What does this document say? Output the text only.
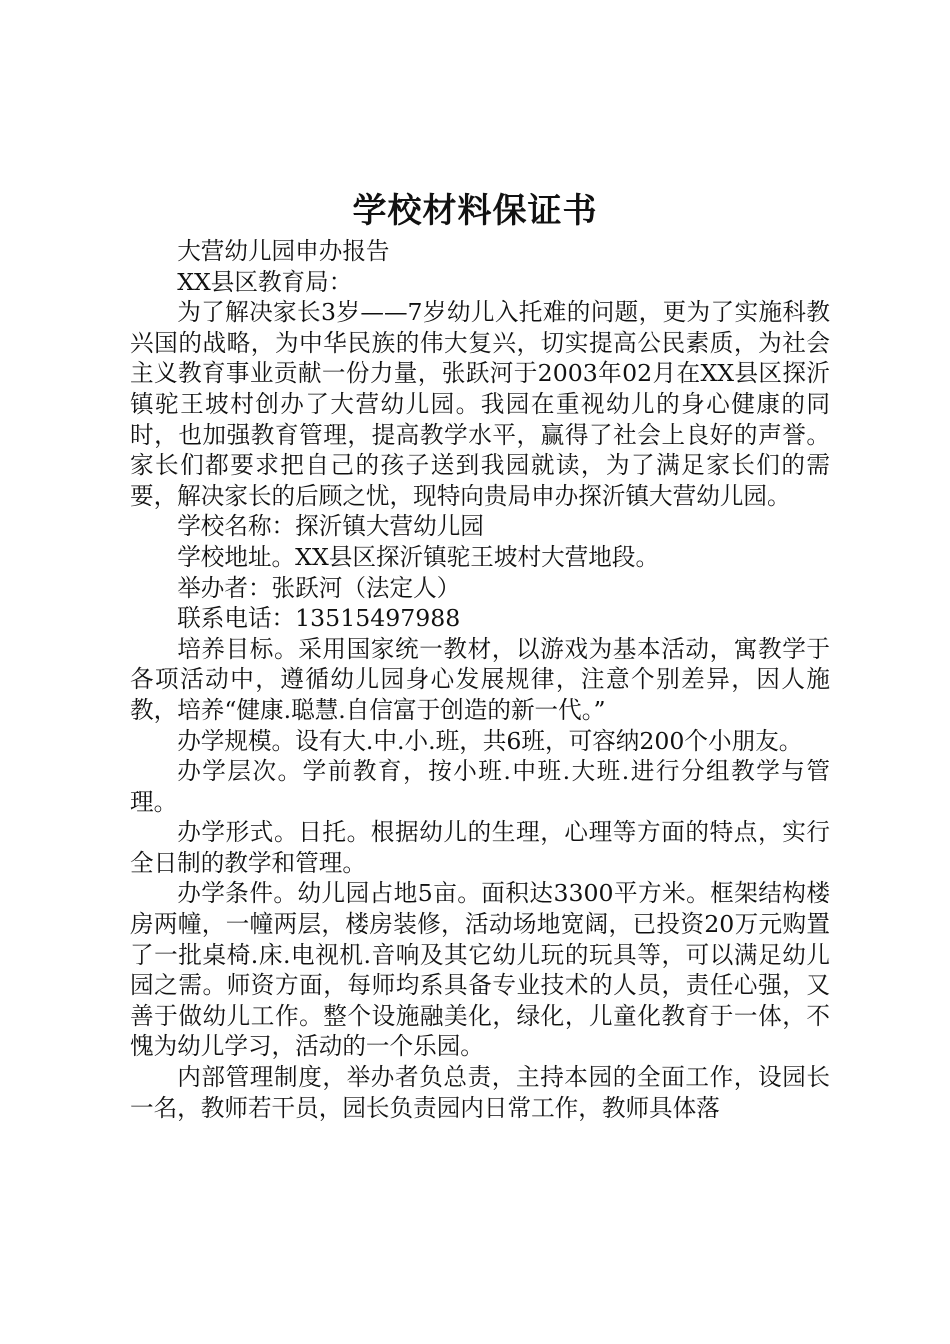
学校材料保证书

大营幼儿园申办报告

XX县区教育局：

为了解决家长3岁——7岁幼儿入托难的问题，更为了实施科教兴国的战略，为中华民族的伟大复兴，切实提高公民素质，为社会主义教育事业贡献一份力量，张跃河于2003年02月在XX县区探沂镇驼王坡村创办了大营幼儿园。我园在重视幼儿的身心健康的同时，也加强教育管理，提高教学水平，赢得了社会上良好的声誉。家长们都要求把自己的孩子送到我园就读，为了满足家长们的需要，解决家长的后顾之忧，现特向贵局申办探沂镇大营幼儿园。

学校名称：探沂镇大营幼儿园

学校地址。XX县区探沂镇驼王坡村大营地段。

举办者：张跃河（法定人）

联系电话：13515497988

培养目标。采用国家统一教材，以游戏为基本活动，寓教学于各项活动中，遵循幼儿园身心发展规律，注意个别差异，因人施教，培养“健康.聪慧.自信富于创造的新一代。”

办学规模。设有大.中.小.班，共6班，可容纳200个小朋友。

办学层次。学前教育，按小班.中班.大班.进行分组教学与管理。

办学形式。日托。根据幼儿的生理，心理等方面的特点，实行全日制的教学和管理。

办学条件。幼儿园占地5亩。面积达3300平方米。框架结构楼房两幢，一幢两层，楼房装修，活动场地宽阔，已投资20万元购置了一批桌椅.床.电视机.音响及其它幼儿玩的玩具等，可以满足幼儿园之需。师资方面，每师均系具备专业技术的人员，责任心强，又善于做幼儿工作。整个设施融美化，绿化，儿童化教育于一体，不愧为幼儿学习，活动的一个乐园。

内部管理制度，举办者负总责，主持本园的全面工作，设园长一名，教师若干员，园长负责园内日常工作，教师具体落
